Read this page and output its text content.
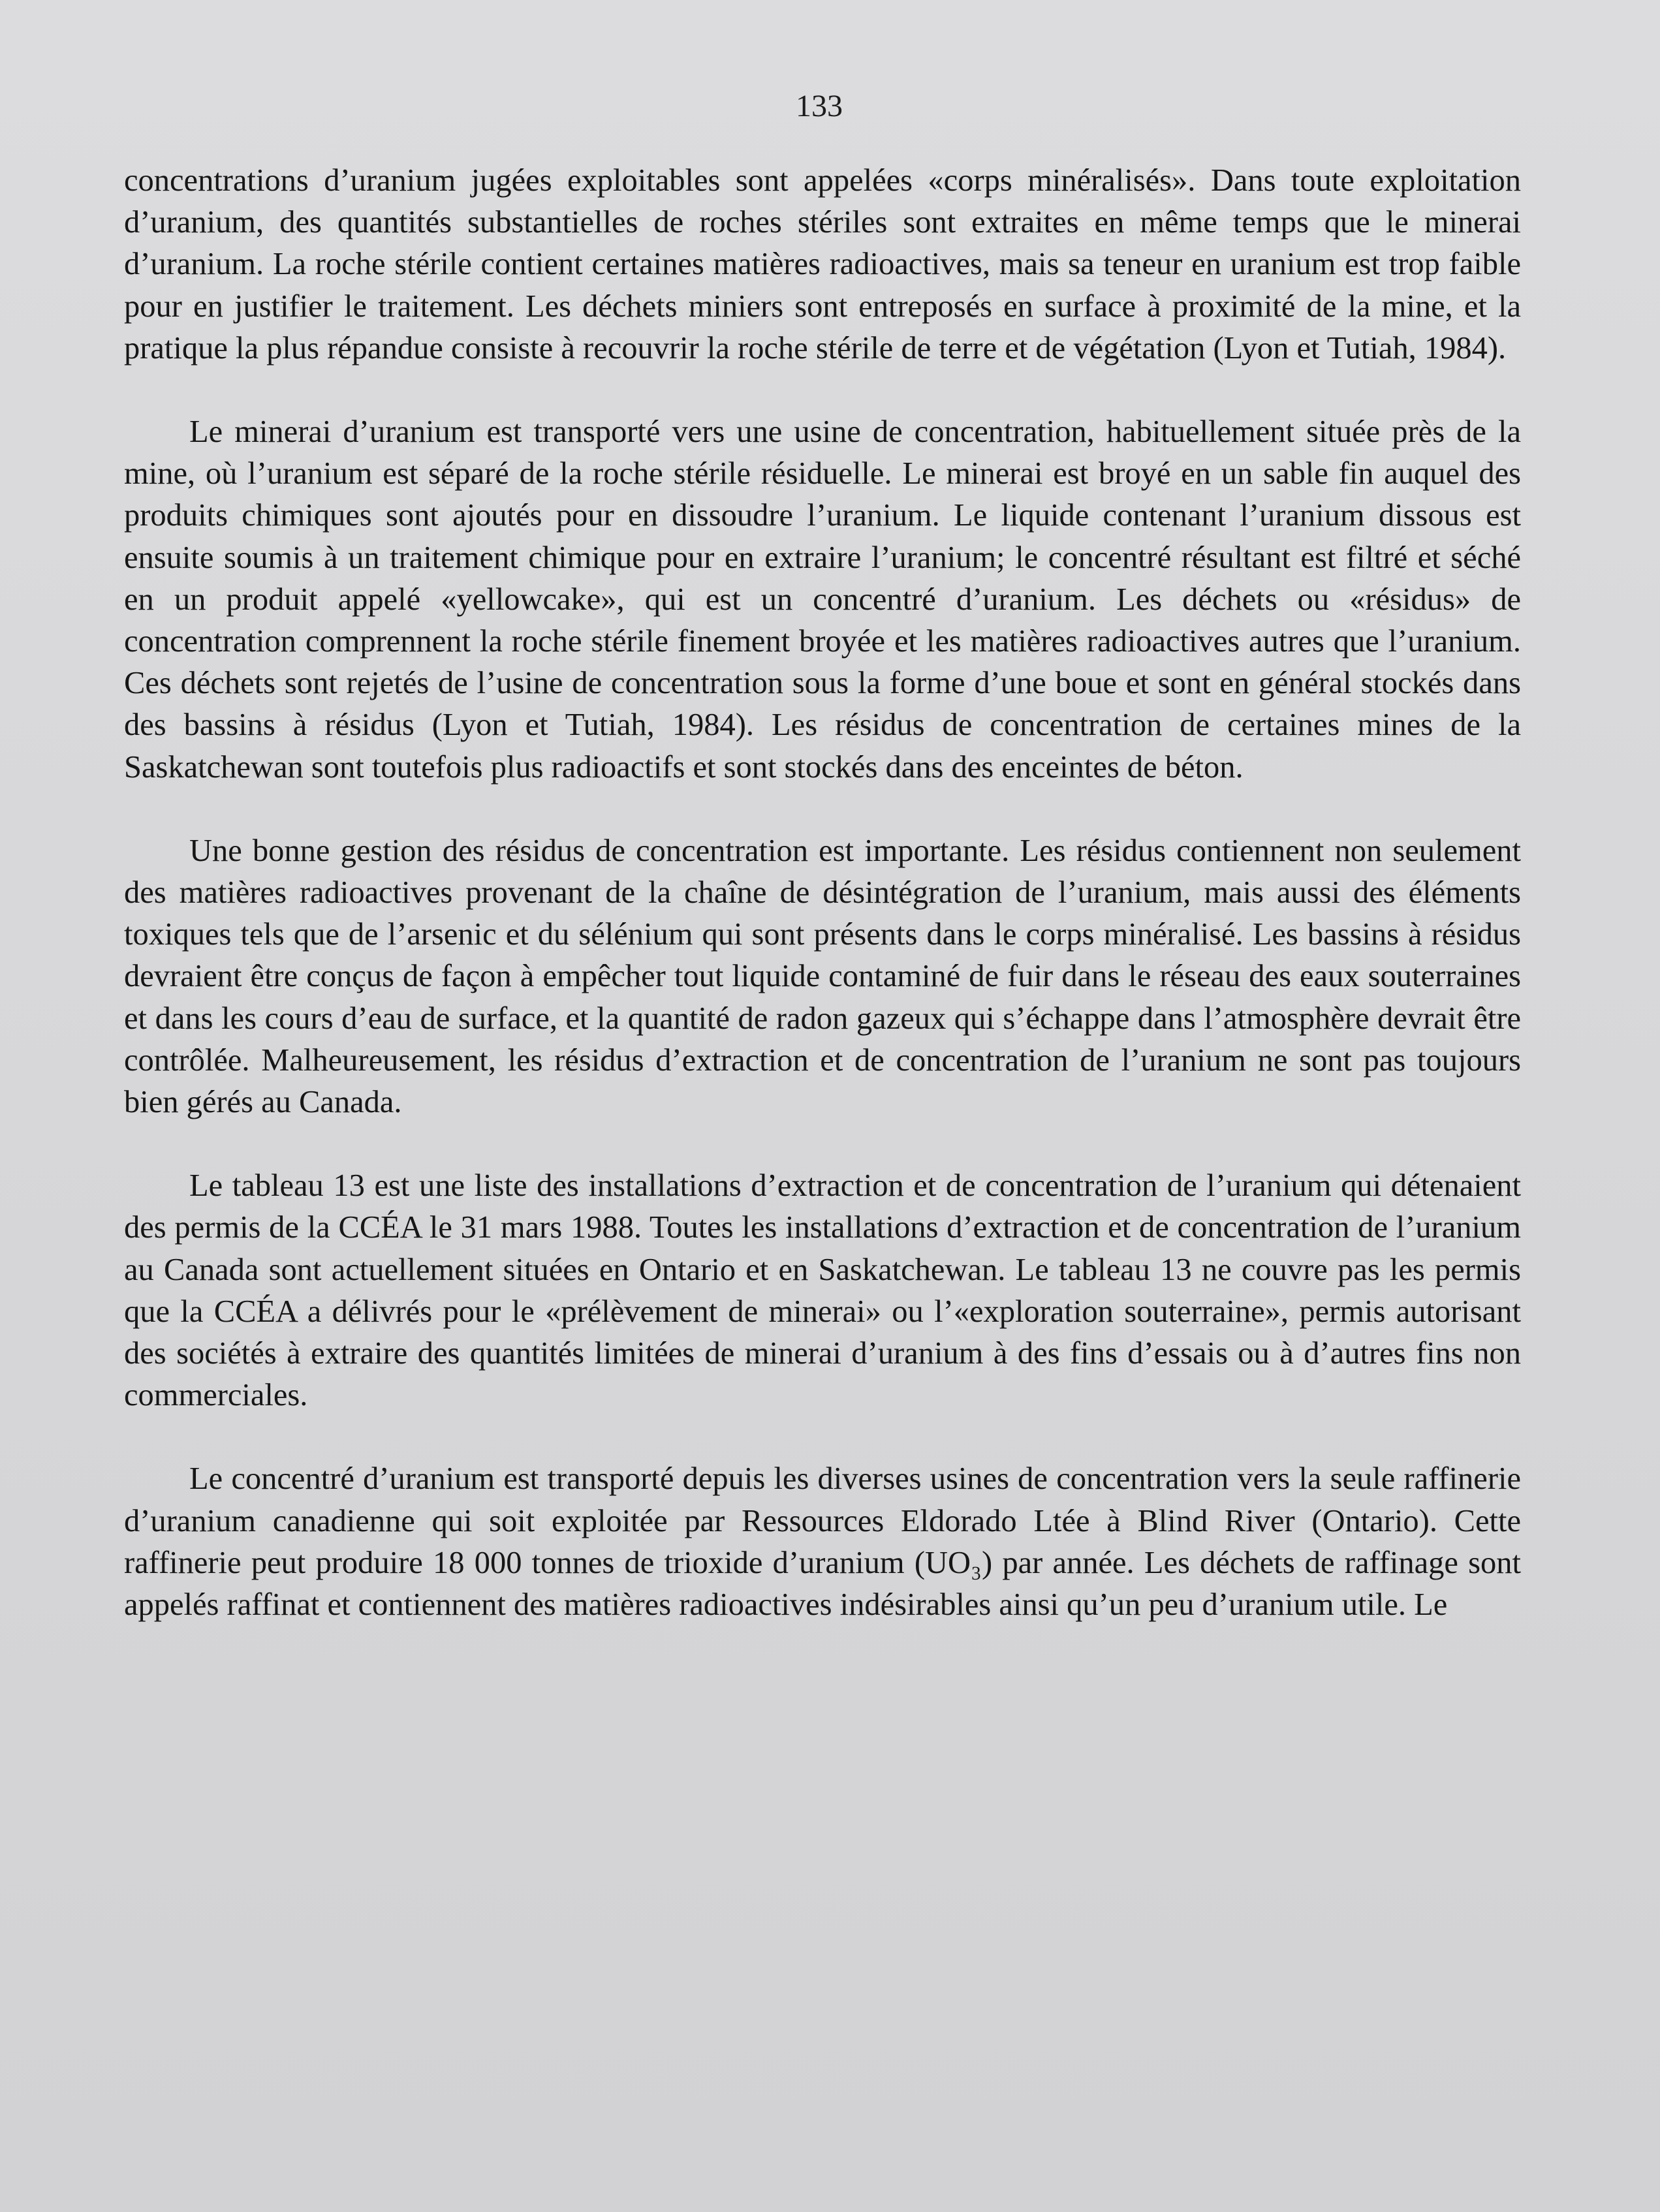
133

concentrations d’uranium jugées exploitables sont appelées «corps minéralisés». Dans toute exploitation d’uranium, des quantités substantielles de roches stériles sont extraites en même temps que le minerai d’uranium. La roche stérile contient certaines matières radioactives, mais sa teneur en uranium est trop faible pour en justifier le traitement. Les déchets miniers sont entreposés en surface à proximité de la mine, et la pratique la plus répandue consiste à recouvrir la roche stérile de terre et de végétation (Lyon et Tutiah, 1984).

Le minerai d’uranium est transporté vers une usine de concentration, habituellement située près de la mine, où l’uranium est séparé de la roche stérile résiduelle. Le minerai est broyé en un sable fin auquel des produits chimiques sont ajoutés pour en dissoudre l’uranium. Le liquide contenant l’uranium dissous est ensuite soumis à un traitement chimique pour en extraire l’uranium; le concentré résultant est filtré et séché en un produit appelé «yellowcake», qui est un concentré d’uranium. Les déchets ou «résidus» de concentration comprennent la roche stérile finement broyée et les matières radioactives autres que l’uranium. Ces déchets sont rejetés de l’usine de concentration sous la forme d’une boue et sont en général stockés dans des bassins à résidus (Lyon et Tutiah, 1984). Les résidus de concentration de certaines mines de la Saskatchewan sont toutefois plus radioactifs et sont stockés dans des enceintes de béton.

Une bonne gestion des résidus de concentration est importante. Les résidus contiennent non seulement des matières radioactives provenant de la chaîne de désintégration de l’uranium, mais aussi des éléments toxiques tels que de l’arsenic et du sélénium qui sont présents dans le corps minéralisé. Les bassins à résidus devraient être conçus de façon à empêcher tout liquide contaminé de fuir dans le réseau des eaux souterraines et dans les cours d’eau de surface, et la quantité de radon gazeux qui s’échappe dans l’atmosphère devrait être contrôlée. Malheureusement, les résidus d’extraction et de concentration de l’uranium ne sont pas toujours bien gérés au Canada.

Le tableau 13 est une liste des installations d’extraction et de concentration de l’uranium qui détenaient des permis de la CCÉA le 31 mars 1988. Toutes les installations d’extraction et de concentration de l’uranium au Canada sont actuellement situées en Ontario et en Saskatchewan. Le tableau 13 ne couvre pas les permis que la CCÉA a délivrés pour le «prélèvement de minerai» ou l’«exploration souterraine», permis autorisant des sociétés à extraire des quantités limitées de minerai d’uranium à des fins d’essais ou à d’autres fins non commerciales.

Le concentré d’uranium est transporté depuis les diverses usines de concentration vers la seule raffinerie d’uranium canadienne qui soit exploitée par Ressources Eldorado Ltée à Blind River (Ontario). Cette raffinerie peut produire 18 000 tonnes de trioxide d’uranium (UO₃) par année. Les déchets de raffinage sont appelés raffinat et contiennent des matières radioactives indésirables ainsi qu’un peu d’uranium utile. Le
